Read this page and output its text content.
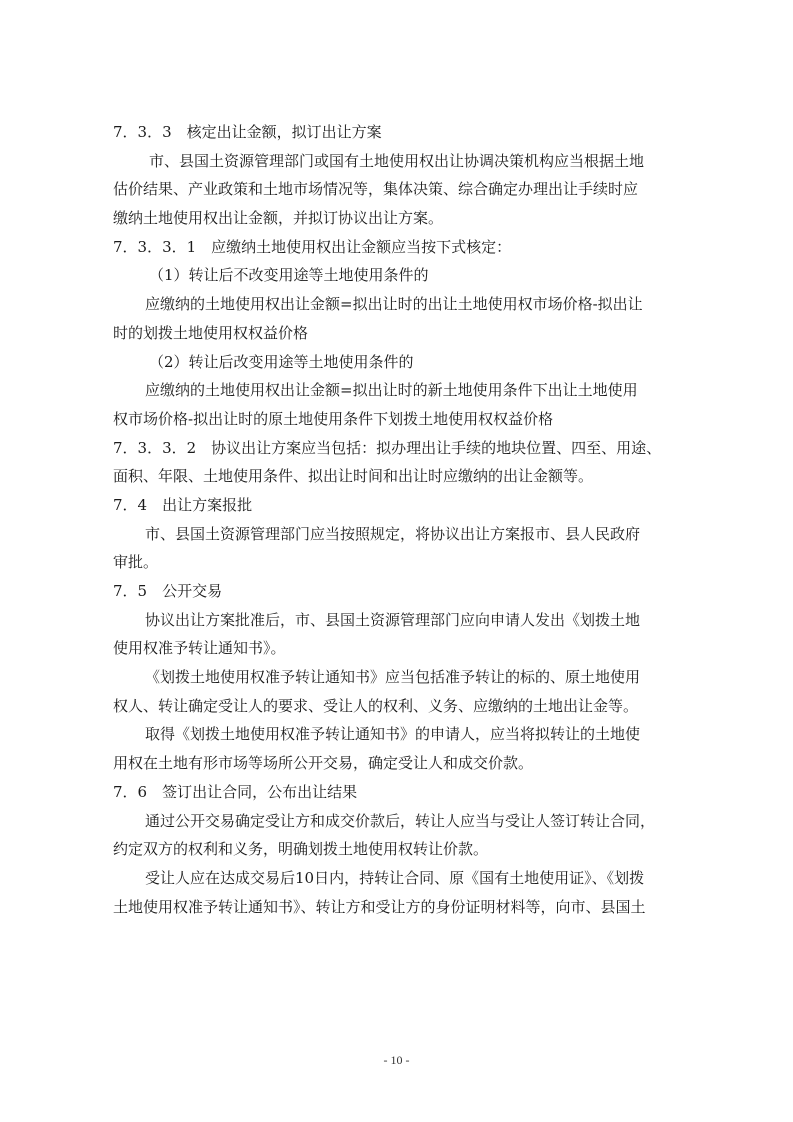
7．3．3　核定出让金额，拟订出让方案
市、县国土资源管理部门或国有土地使用权出让协调决策机构应当根据土地
估价结果、产业政策和土地市场情况等，集体决策、综合确定办理出让手续时应
缴纳土地使用权出让金额，并拟订协议出让方案。
7．3．3．1　应缴纳土地使用权出让金额应当按下式核定：
（1）转让后不改变用途等土地使用条件的
应缴纳的土地使用权出让金额=拟出让时的出让土地使用权市场价格-拟出让
时的划拨土地使用权权益价格
（2）转让后改变用途等土地使用条件的
应缴纳的土地使用权出让金额=拟出让时的新土地使用条件下出让土地使用
权市场价格-拟出让时的原土地使用条件下划拨土地使用权权益价格
7．3．3．2　协议出让方案应当包括：拟办理出让手续的地块位置、四至、用途、
面积、年限、土地使用条件、拟出让时间和出让时应缴纳的出让金额等。
7．4　出让方案报批
市、县国土资源管理部门应当按照规定，将协议出让方案报市、县人民政府
审批。
7．5　公开交易
协议出让方案批准后，市、县国土资源管理部门应向申请人发出《划拨土地
使用权准予转让通知书》。
《划拨土地使用权准予转让通知书》应当包括准予转让的标的、原土地使用
权人、转让确定受让人的要求、受让人的权利、义务、应缴纳的土地出让金等。
取得《划拨土地使用权准予转让通知书》的申请人，应当将拟转让的土地使
用权在土地有形市场等场所公开交易，确定受让人和成交价款。
7．6　签订出让合同，公布出让结果
通过公开交易确定受让方和成交价款后，转让人应当与受让人签订转让合同，
约定双方的权利和义务，明确划拨土地使用权转让价款。
受让人应在达成交易后10日内，持转让合同、原《国有土地使用证》、《划拨
土地使用权准予转让通知书》、转让方和受让方的身份证明材料等，向市、县国土
- 10 -
